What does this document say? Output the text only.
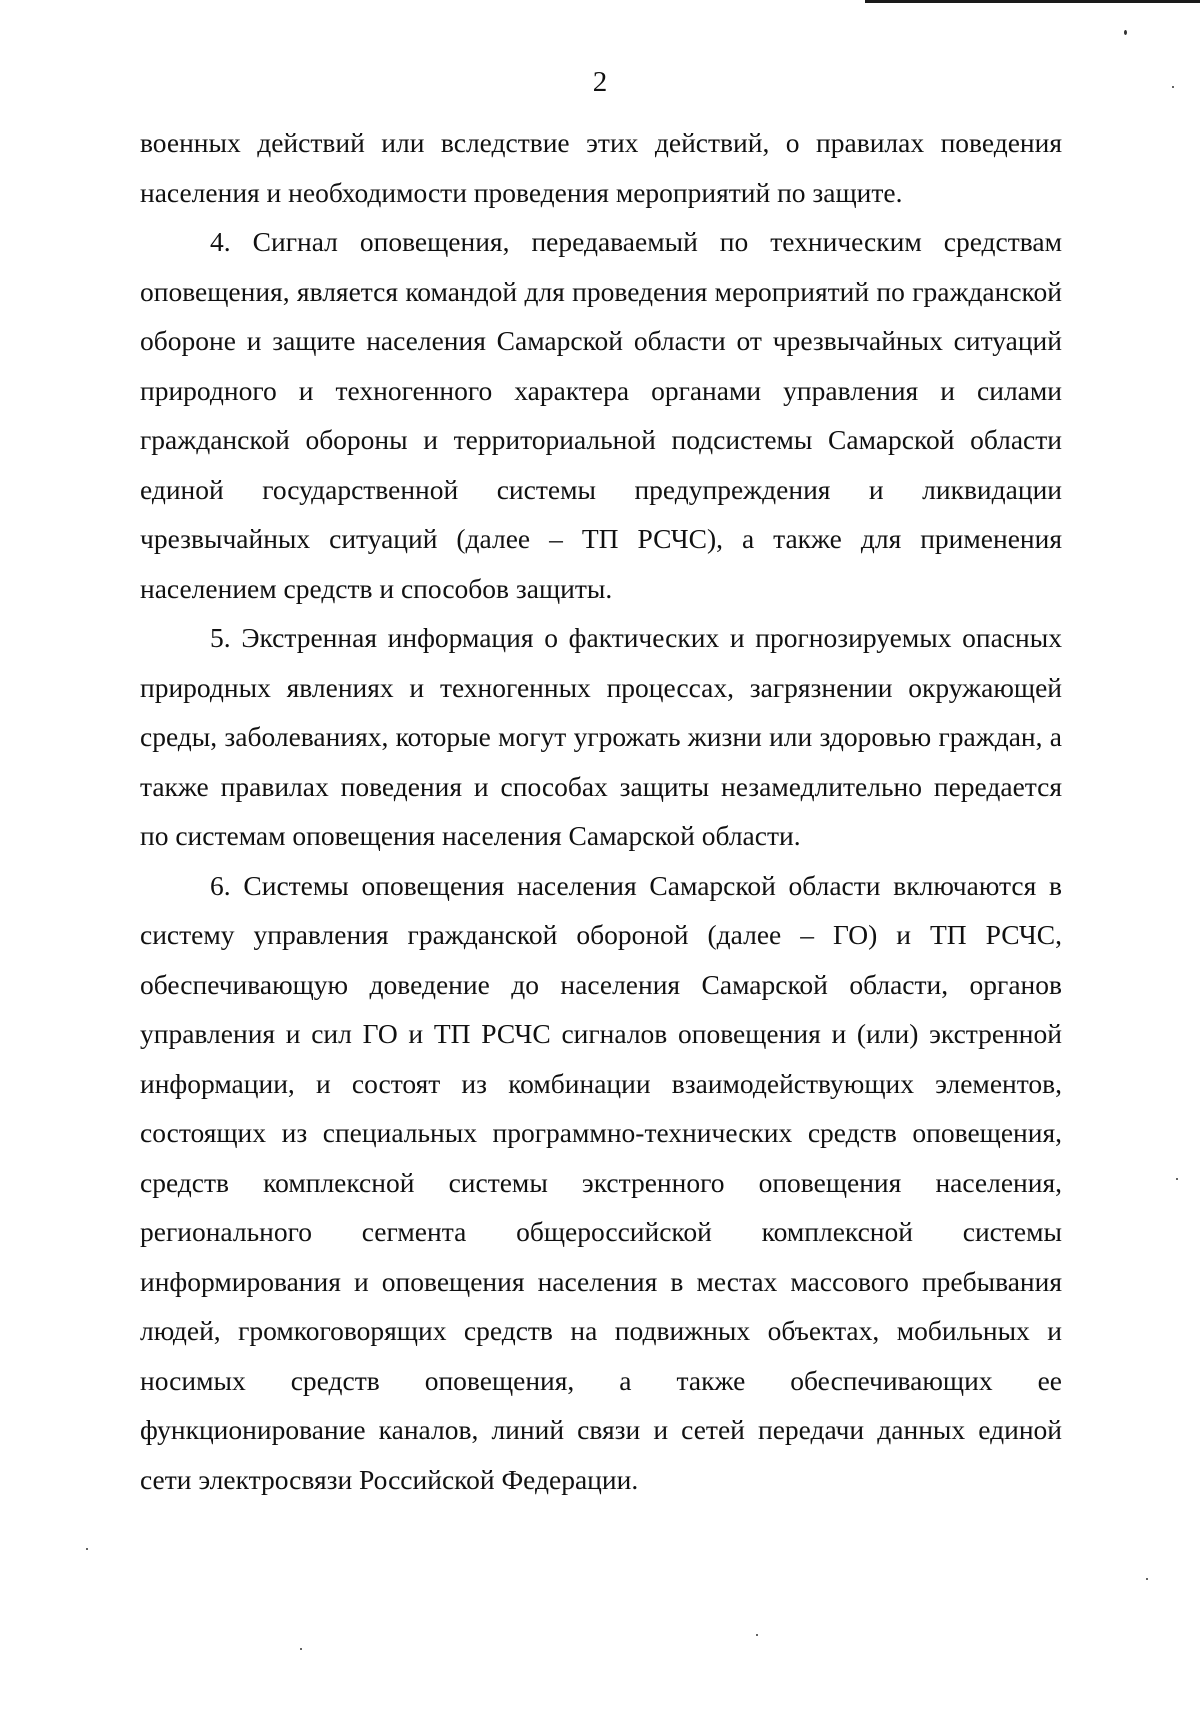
2

военных действий или вследствие этих действий, о правилах поведения населения и необходимости проведения мероприятий по защите.

4. Сигнал оповещения, передаваемый по техническим средствам оповещения, является командой для проведения мероприятий по гражданской обороне и защите населения Самарской области от чрезвычайных ситуаций природного и техногенного характера органами управления и силами гражданской обороны и территориальной подсистемы Самарской области единой государственной системы предупреждения и ликвидации чрезвычайных ситуаций (далее – ТП РСЧС), а также для применения населением средств и способов защиты.

5. Экстренная информация о фактических и прогнозируемых опасных природных явлениях и техногенных процессах, загрязнении окружающей среды, заболеваниях, которые могут угрожать жизни или здоровью граждан, а также правилах поведения и способах защиты незамедлительно передается по системам оповещения населения Самарской области.

6. Системы оповещения населения Самарской области включаются в систему управления гражданской обороной (далее – ГО) и ТП РСЧС, обеспечивающую доведение до населения Самарской области, органов управления и сил ГО и ТП РСЧС сигналов оповещения и (или) экстренной информации, и состоят из комбинации взаимодействующих элементов, состоящих из специальных программно-технических средств оповещения, средств комплексной системы экстренного оповещения населения, регионального сегмента общероссийской комплексной системы информирования и оповещения населения в местах массового пребывания людей, громкоговорящих средств на подвижных объектах, мобильных и носимых средств оповещения, а также обеспечивающих ее функционирование каналов, линий связи и сетей передачи данных единой сети электросвязи Российской Федерации.
